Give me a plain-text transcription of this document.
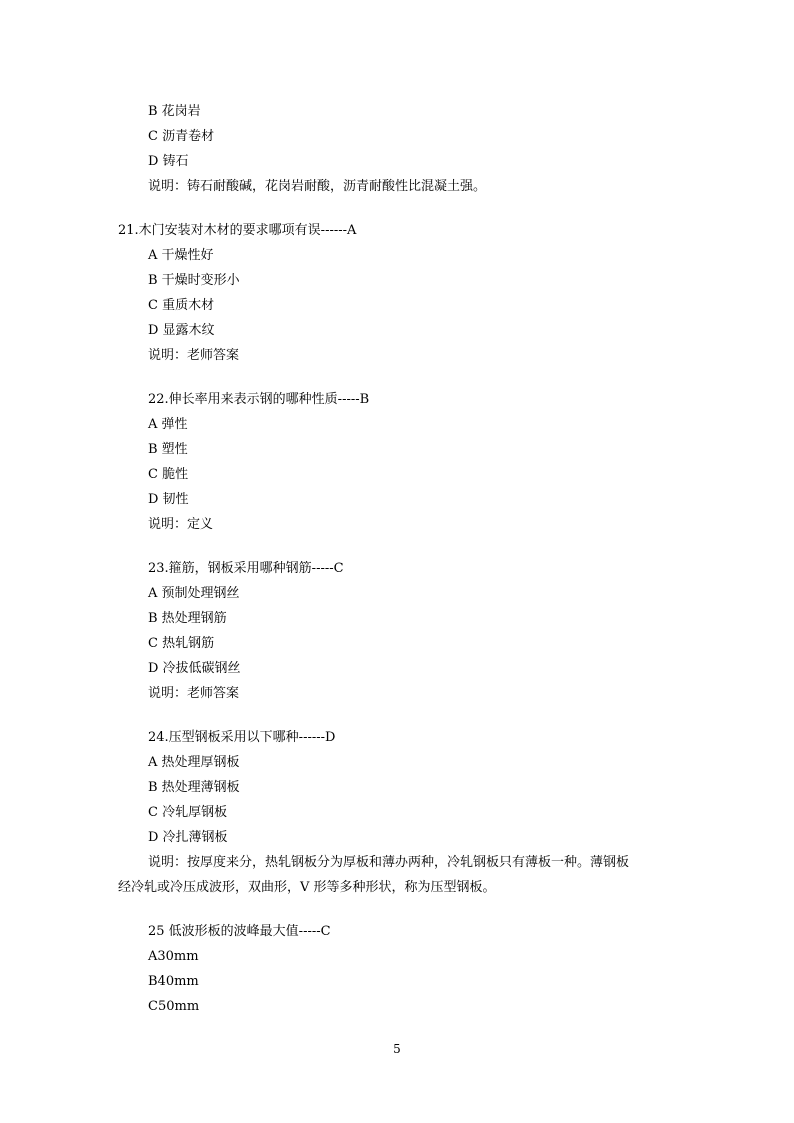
B 花岗岩
C 沥青卷材
D 铸石
说明：铸石耐酸碱，花岗岩耐酸，沥青耐酸性比混凝土强。
21.木门安装对木材的要求哪项有误------A
A 干燥性好
B 干燥时变形小
C 重质木材
D 显露木纹
说明：老师答案
22.伸长率用来表示钢的哪种性质-----B
A 弹性
B 塑性
C 脆性
D 韧性
说明：定义
23.箍筋，钢板采用哪种钢筋-----C
A 预制处理钢丝
B 热处理钢筋
C 热轧钢筋
D 冷拔低碳钢丝
说明：老师答案
24.压型钢板采用以下哪种------D
A 热处理厚钢板
B 热处理薄钢板
C 冷轧厚钢板
D 冷扎薄钢板
说明：按厚度来分，热轧钢板分为厚板和薄办两种，冷轧钢板只有薄板一种。薄钢板
经冷轧或冷压成波形，双曲形，V 形等多种形状，称为压型钢板。
25 低波形板的波峰最大值-----C
A30mm
B40mm
C50mm
5
